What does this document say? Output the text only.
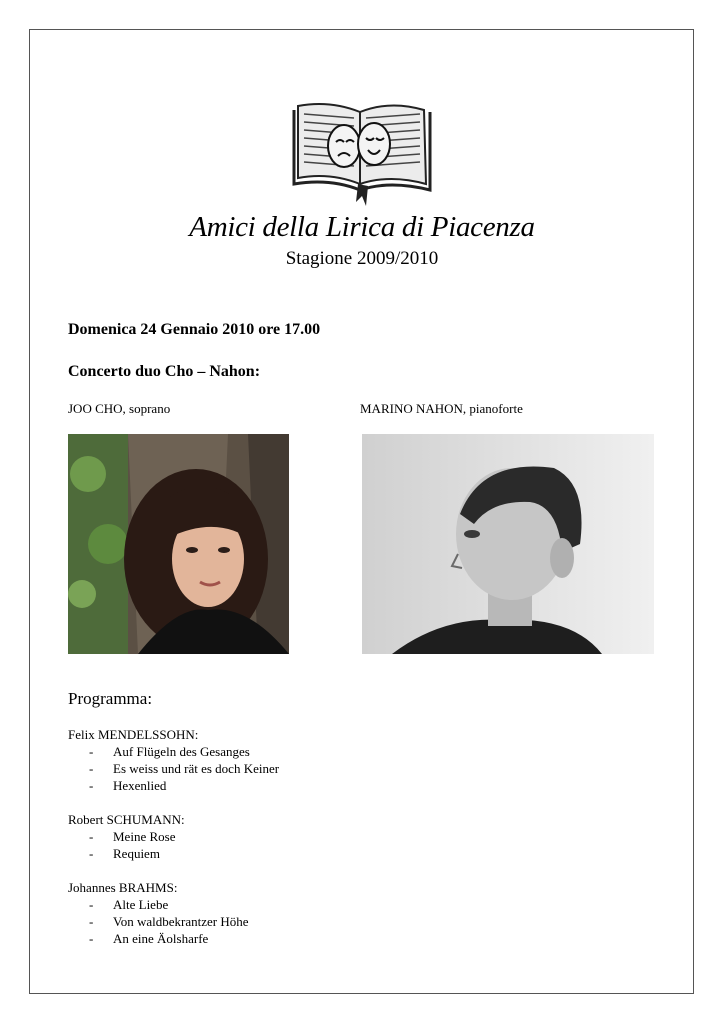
Amici della Lirica di Piacenza
Stagione 2009/2010
Domenica 24 Gennaio 2010 ore 17.00
Concerto duo Cho – Nahon:
JOO CHO, soprano	MARINO NAHON, pianoforte
Programma:
Felix MENDELSSOHN:
- Auf Flügeln des Gesanges
- Es weiss und rät es doch Keiner
- Hexenlied
Robert SCHUMANN:
- Meine Rose
- Requiem
Johannes BRAHMS:
- Alte Liebe
- Von waldbekrantzer Höhe
- An eine Äolsharfe
